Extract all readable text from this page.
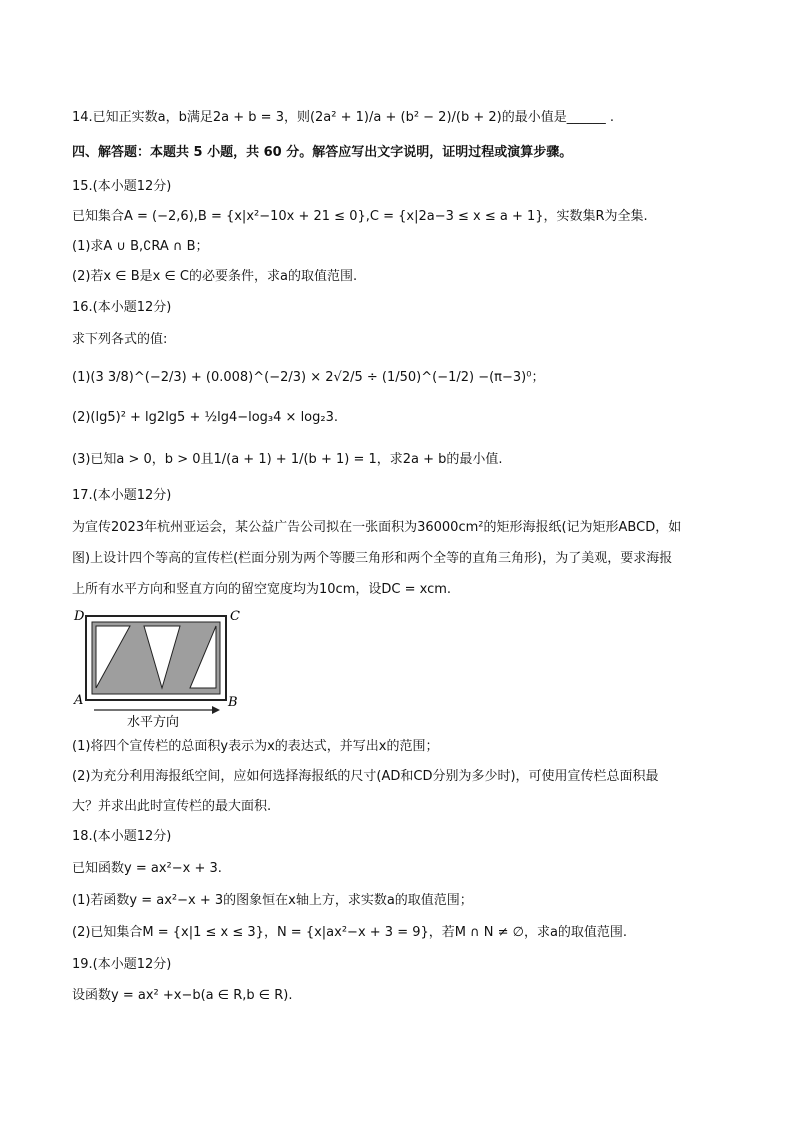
14.已知正实数a，b满足2a + b = 3，则(2a² + 1)/a + (b² − 2)/(b + 2)的最小值是______ .
四、解答题：本题共 5 小题，共 60 分。解答应写出文字说明，证明过程或演算步骤。
15.(本小题12分)
已知集合A = (−2,6),B = {x|x²−10x + 21 ≤ 0},C = {x|2a−3 ≤ x ≤ a + 1}，实数集R为全集.
(1)求A ∪ B,∁RA ∩ B；
(2)若x ∈ B是x ∈ C的必要条件，求a的取值范围.
16.(本小题12分)
求下列各式的值:
(1)(3 3/8)^(−2/3) + (0.008)^(−2/3) × 2√2/5 ÷ (1/50)^(−1/2) −(π−3)⁰；
(2)(lg5)² + lg2lg5 + ½lg4−log₃4 × log₂3.
(3)已知a > 0，b > 0且1/(a + 1) + 1/(b + 1) = 1，求2a + b的最小值.
17.(本小题12分)
为宣传2023年杭州亚运会，某公益广告公司拟在一张面积为36000cm²的矩形海报纸(记为矩形ABCD，如
图)上设计四个等高的宣传栏(栏面分别为两个等腰三角形和两个全等的直角三角形)，为了美观，要求海报
上所有水平方向和竖直方向的留空宽度均为10cm，设DC = xcm.
D	C
A	B
水平方向
(1)将四个宣传栏的总面积y表示为x的表达式，并写出x的范围；
(2)为充分利用海报纸空间，应如何选择海报纸的尺寸(AD和CD分别为多少时)，可使用宣传栏总面积最
大？并求出此时宣传栏的最大面积.
18.(本小题12分)
已知函数y = ax²−x + 3.
(1)若函数y = ax²−x + 3的图象恒在x轴上方，求实数a的取值范围；
(2)已知集合M = {x|1 ≤ x ≤ 3}，N = {x|ax²−x + 3 = 9}，若M ∩ N ≠ ∅，求a的取值范围.
19.(本小题12分)
设函数y = ax² +x−b(a ∈ R,b ∈ R).
